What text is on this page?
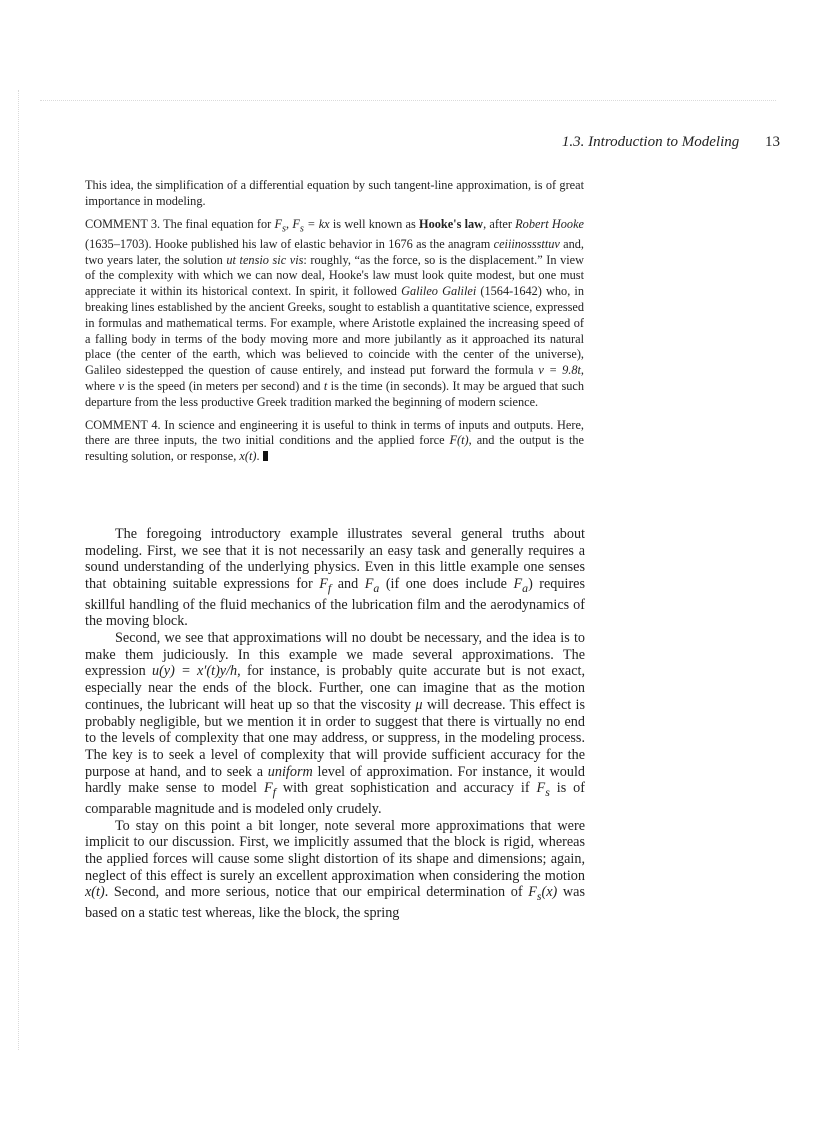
1.3. Introduction to Modeling 13

This idea, the simplification of a differential equation by such tangent-line approximation, is of great importance in modeling.

COMMENT 3. The final equation for $F_s$, $F_s$ = kx is well known as Hooke's law, after Robert Hooke (1635–1703). Hooke published his law of elastic behavior in 1676 as the anagram ceiiinosssttuv and, two years later, the solution ut tensio sic vis: roughly, “as the force, so is the displacement.” In view of the complexity with which we can now deal, Hooke's law must look quite modest, but one must appreciate it within its historical context. In spirit, it followed Galileo Galilei (1564-1642) who, in breaking lines established by the ancient Greeks, sought to establish a quantitative science, expressed in formulas and mathematical terms. For example, where Aristotle explained the increasing speed of a falling body in terms of the body moving more and more jubilantly as it approached its natural place (the center of the earth, which was believed to coincide with the center of the universe), Galileo sidestepped the question of cause entirely, and instead put forward the formula v = 9.8t, where v is the speed (in meters per second) and t is the time (in seconds). It may be argued that such departure from the less productive Greek tradition marked the beginning of modern science.

COMMENT 4. In science and engineering it is useful to think in terms of inputs and outputs. Here, there are three inputs, the two initial conditions and the applied force F(t), and the output is the resulting solution, or response, x(t).

The foregoing introductory example illustrates several general truths about modeling. First, we see that it is not necessarily an easy task and generally requires a sound understanding of the underlying physics. Even in this little example one senses that obtaining suitable expressions for $F_f$ and $F_a$ (if one does include $F_a$) requires skillful handling of the fluid mechanics of the lubrication film and the aerodynamics of the moving block.

Second, we see that approximations will no doubt be necessary, and the idea is to make them judiciously. In this example we made several approximations. The expression u(y) = x′(t)y/h, for instance, is probably quite accurate but is not exact, especially near the ends of the block. Further, one can imagine that as the motion continues, the lubricant will heat up so that the viscosity μ will decrease. This effect is probably negligible, but we mention it in order to suggest that there is virtually no end to the levels of complexity that one may address, or suppress, in the modeling process. The key is to seek a level of complexity that will provide sufficient accuracy for the purpose at hand, and to seek a uniform level of approximation. For instance, it would hardly make sense to model $F_f$ with great sophistication and accuracy if $F_s$ is of comparable magnitude and is modeled only crudely.

To stay on this point a bit longer, note several more approximations that were implicit to our discussion. First, we implicitly assumed that the block is rigid, whereas the applied forces will cause some slight distortion of its shape and dimensions; again, neglect of this effect is surely an excellent approximation when considering the motion x(t). Second, and more serious, notice that our empirical determination of $F_s(x)$ was based on a static test whereas, like the block, the spring
